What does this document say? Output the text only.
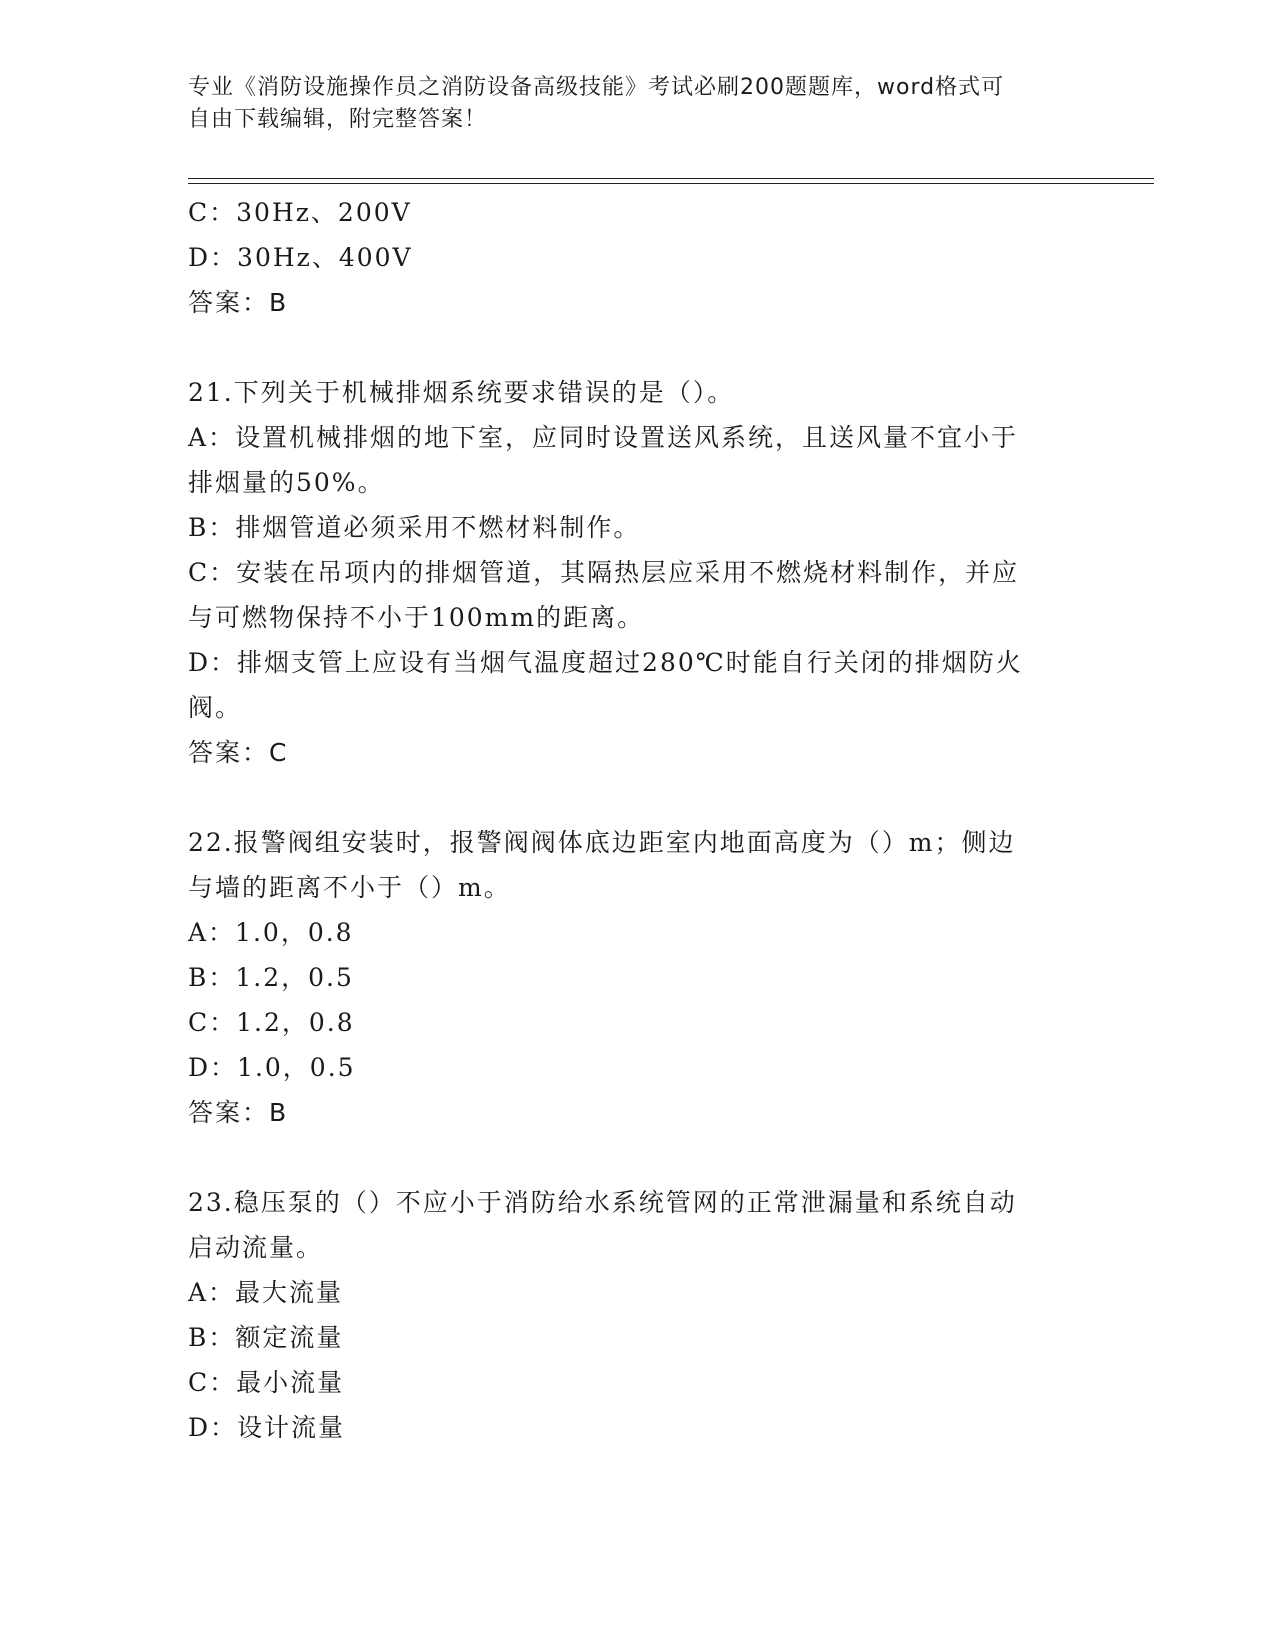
专业《消防设施操作员之消防设备高级技能》考试必刷200题题库，word格式可
自由下载编辑，附完整答案！
C：30Hz、200V
D：30Hz、400V
答案：B
21.下列关于机械排烟系统要求错误的是（）。
A：设置机械排烟的地下室，应同时设置送风系统，且送风量不宜小于
排烟量的50%。
B：排烟管道必须采用不燃材料制作。
C：安装在吊项内的排烟管道，其隔热层应采用不燃烧材料制作，并应
与可燃物保持不小于100mm的距离。
D：排烟支管上应设有当烟气温度超过280℃时能自行关闭的排烟防火
阀。
答案：C
22.报警阀组安装时，报警阀阀体底边距室内地面高度为（）m；侧边
与墙的距离不小于（）m。
A：1.0，0.8
B：1.2，0.5
C：1.2，0.8
D：1.0，0.5
答案：B
23.稳压泵的（）不应小于消防给水系统管网的正常泄漏量和系统自动
启动流量。
A：最大流量
B：额定流量
C：最小流量
D：设计流量
